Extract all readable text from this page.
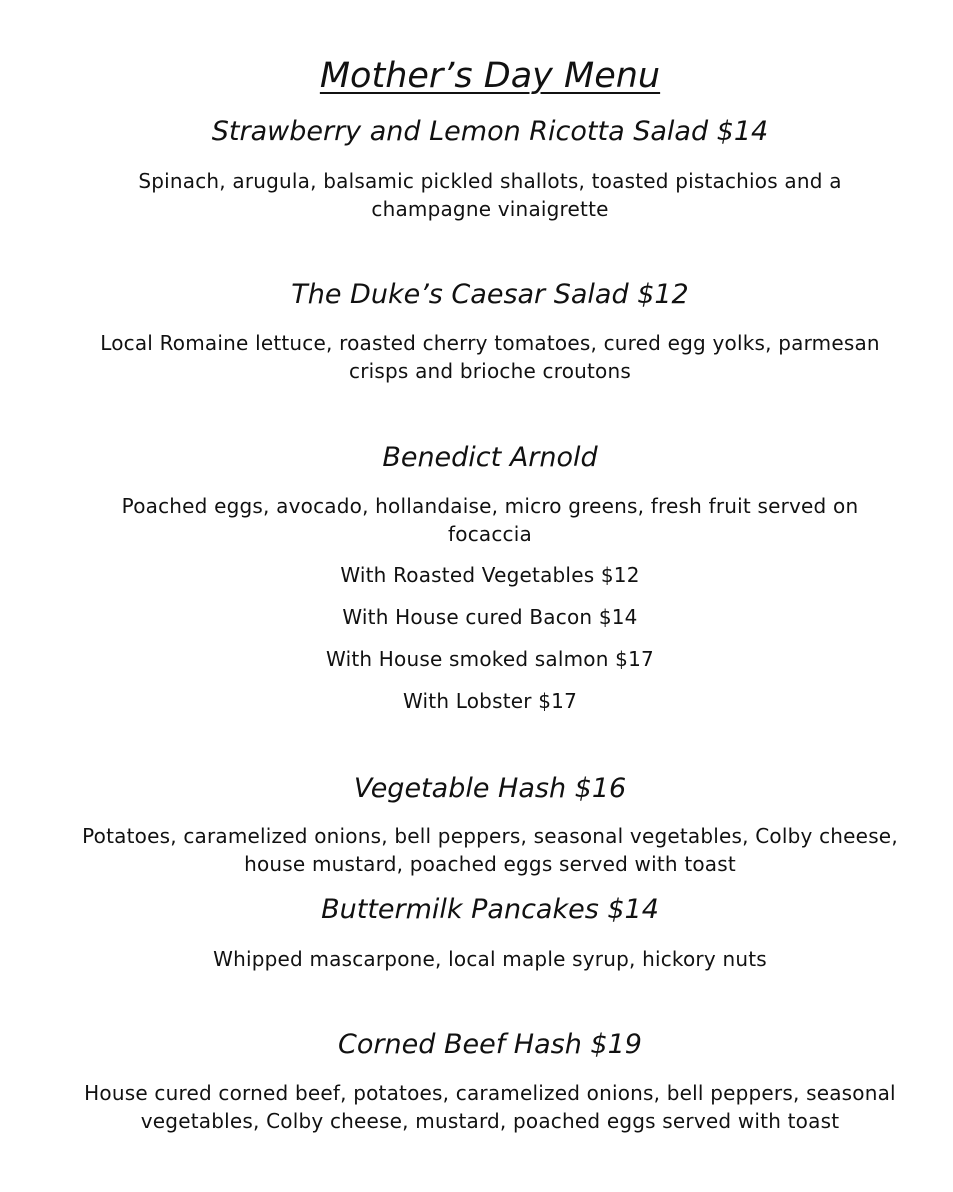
Mother’s Day Menu
Strawberry and Lemon Ricotta Salad $14
Spinach, arugula, balsamic pickled shallots, toasted pistachios and a
champagne vinaigrette
The Duke’s Caesar Salad $12
Local Romaine lettuce, roasted cherry tomatoes, cured egg yolks, parmesan
crisps and brioche croutons
Benedict Arnold
Poached eggs, avocado, hollandaise, micro greens, fresh fruit served on
focaccia
With Roasted Vegetables $12
With House cured Bacon $14
With House smoked salmon $17
With Lobster $17
Vegetable Hash $16
Potatoes, caramelized onions, bell peppers, seasonal vegetables, Colby cheese,
house mustard, poached eggs served with toast
Buttermilk Pancakes $14
Whipped mascarpone, local maple syrup, hickory nuts
Corned Beef Hash $19
House cured corned beef, potatoes, caramelized onions, bell peppers, seasonal
vegetables, Colby cheese, mustard, poached eggs served with toast
